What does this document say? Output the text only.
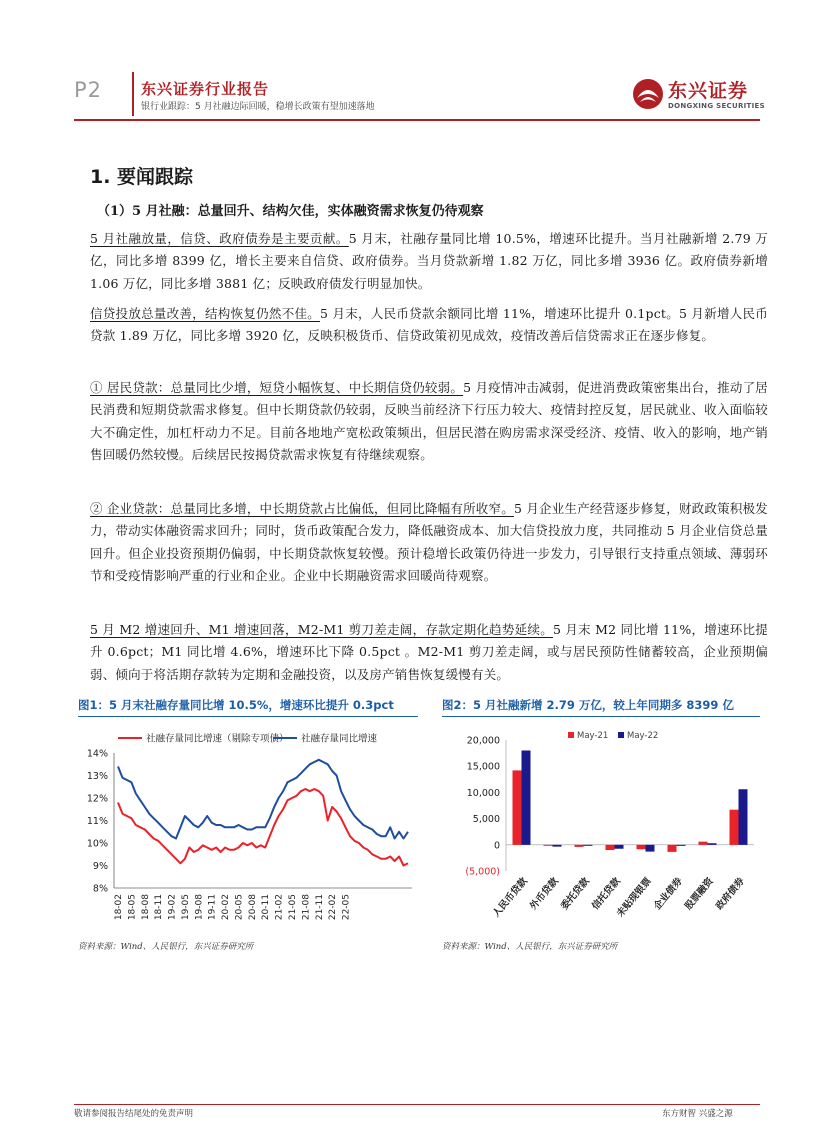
P2	东兴证券行业报告
银行业跟踪：5 月社融边际回暖，稳增长政策有望加速落地
东兴证券
DONGXING SECURITIES
1. 要闻跟踪
（1）5 月社融：总量回升、结构欠佳，实体融资需求恢复仍待观察
5 月社融放量，信贷、政府债券是主要贡献。5 月末，社融存量同比增 10.5%，增速环比提升。当月社融新增 2.79 万亿，同比多增 8399 亿，增长主要来自信贷、政府债券。当月贷款新增 1.82 万亿，同比多增 3936 亿。政府债券新增 1.06 万亿，同比多增 3881 亿；反映政府债发行明显加快。
信贷投放总量改善，结构恢复仍然不佳。5 月末，人民币贷款余额同比增 11%，增速环比提升 0.1pct。5 月新增人民币贷款 1.89 万亿，同比多增 3920 亿，反映积极货币、信贷政策初见成效，疫情改善后信贷需求正在逐步修复。
① 居民贷款：总量同比少增，短贷小幅恢复、中长期信贷仍较弱。5 月疫情冲击减弱，促进消费政策密集出台，推动了居民消费和短期贷款需求修复。但中长期贷款仍较弱，反映当前经济下行压力较大、疫情封控反复，居民就业、收入面临较大不确定性，加杠杆动力不足。目前各地地产宽松政策频出，但居民潜在购房需求深受经济、疫情、收入的影响，地产销售回暖仍然较慢。后续居民按揭贷款需求恢复有待继续观察。
② 企业贷款：总量同比多增，中长期贷款占比偏低，但同比降幅有所收窄。5 月企业生产经营逐步修复，财政政策积极发力，带动实体融资需求回升；同时，货币政策配合发力，降低融资成本、加大信贷投放力度，共同推动 5 月企业信贷总量回升。但企业投资预期仍偏弱，中长期贷款恢复较慢。预计稳增长政策仍待进一步发力，引导银行支持重点领域、薄弱环节和受疫情影响严重的行业和企业。企业中长期融资需求回暖尚待观察。
5 月 M2 增速回升、M1 增速回落，M2-M1 剪刀差走阔，存款定期化趋势延续。5 月末 M2 同比增 11%，增速环比提升 0.6pct；M1 同比增 4.6%，增速环比下降 0.5pct 。M2-M1 剪刀差走阔，或与居民预防性储蓄较高，企业预期偏弱、倾向于将活期存款转为定期和金融投资，以及房产销售恢复缓慢有关。
图1：5 月末社融存量同比增 10.5%，增速环比提升 0.3pct
8%
9%
10%
11%
12%
13%
14%
18-02 18-05 18-08 18-11 19-02 19-05 19-08 19-11 20-02 20-05 20-08 20-11 21-02 21-05 21-08 21-11 22-02 22-05
社融存量同比增速（剔除专项债） 社融存量同比增速
资料来源：Wind、人民银行，东兴证券研究所
图2：5 月社融新增 2.79 万亿，较上年同期多 8399 亿
(5,000)
0
5,000
10,000
15,000
20,000	May-21 May-22
人民币贷款
外币贷款
委托贷款
信托贷款
未贴现银票
企业债券
股票融资
政府债券
资料来源：Wind、人民银行，东兴证券研究所
敬请参阅报告结尾处的免责声明	东方财智 兴盛之源
